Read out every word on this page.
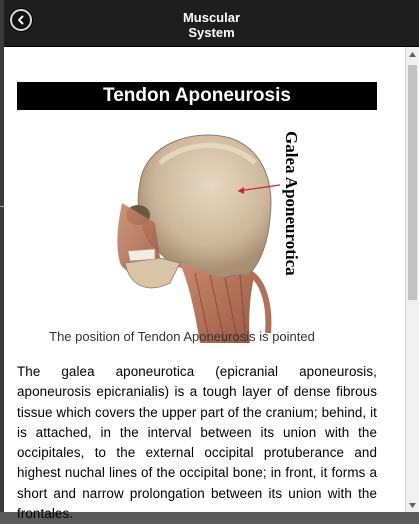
Muscular
System
Tendon Aponeurosis
Galea Aponeurotica
The position of Tendon Aponeurosis is pointed
The galea aponeurotica (epicranial aponeurosis, aponeurosis epicranialis) is a tough layer of dense fibrous tissue which covers the upper part of the cranium; behind, it is attached, in the interval between its union with the occipitales, to the external occipital protuberance and highest nuchal lines of the occipital bone; in front, it forms a short and narrow prolongation between its union with the frontales.
